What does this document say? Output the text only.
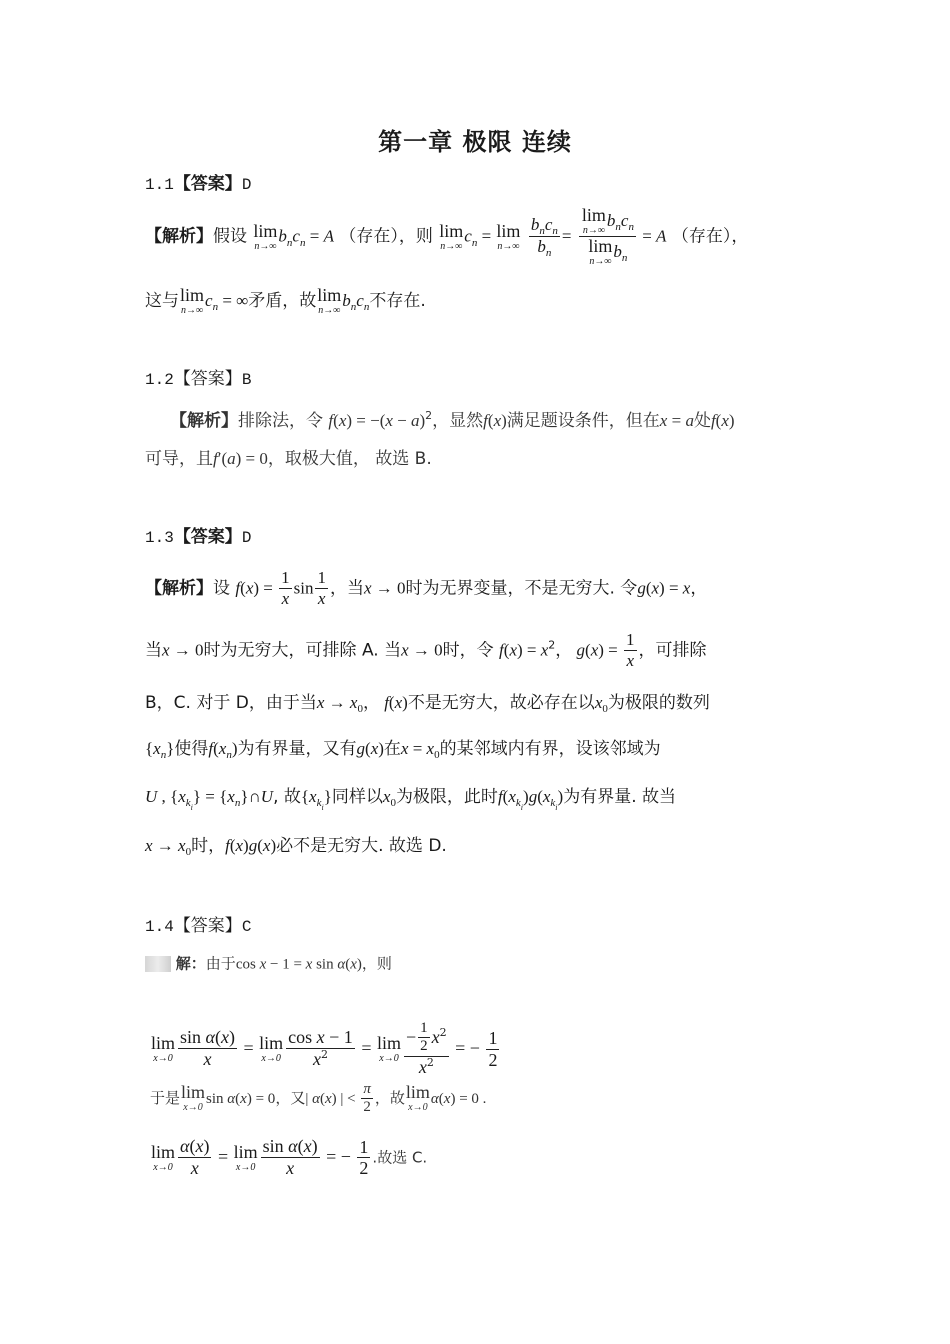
第一章 极限 连续
1.1【答案】D
【解析】假设 lim
n→∞
$b_nc_n = A$ （存在），则 lim
n→∞
$c_n = \lim$
n→∞
$\frac{b_nc_n}{b_n} = \lim$
n→∞
$b_nc_n$
lim
n→∞
$b_n = A$ （存在），
这与 lim
n→∞
$c_n$ = ∞矛盾，故 lim
n→∞
$b_nc_n$不存在.
1.2【答案】B
【解析】排除法，令 $f(x) = -(x - a)^2$，显然f(x)满足题设条件，但在x = a处f(x)
可导，且f′(a) = 0，取极大值， 故选 B.
1.3【答案】D
【解析】设 $f(x) = \frac{1}{x}$ $\sin \frac{1}{x}$ ，当x → 0时为无界变量，不是无穷大. 令g(x) = x，
当x → 0时为无穷大，可排除 A. 当x → 0时，令 $f(x) = x^2$， $g(x) = \frac{1}{x}$ ，可排除
B，C. 对于 D，由于当$x \to x_0$， f(x)不是无穷大，故必存在以$x_0$为极限的数列
$\{x_n\}$使得$f(x_n)$为有界量，又有g(x)在$x = x_0$的某邻域内有界，设该邻域为
U , $\{x_{k_i}\}$ = $\{x_n\}\cap U$, 故$\{x_{k_i}\}$同样以$x_0$为极限，此时$f(x_{k_i})g(x_{k_i})$为有界量. 故当
$x \to x_0$时，f(x)g(x)必不是无穷大. 故选 D.
1.4【答案】C
解：由于cos x − 1 = x sin α(x)，则
lim
$x\to 0 \frac{\text{sin α(x)}}{x} = \lim$
$x\to 0 \frac{\text{cos x − 1}}{x^2} = \lim$
$x\to 0 \frac{- \frac{1}{2} x^2}{x^2}$ = − $\frac{1}{2}$
于是 lim
x→0
sin α(x) = 0，又| α(x) | < $\frac{\pi}{2}$ ，故 lim
x→0
α(x) = 0 .
lim
$x\to 0 \frac{\alpha(x)}{x} = \lim$
$x\to 0 \frac{\text{sin α(x)}}{x}$ = − $\frac{1}{2}$ .故选 C.
